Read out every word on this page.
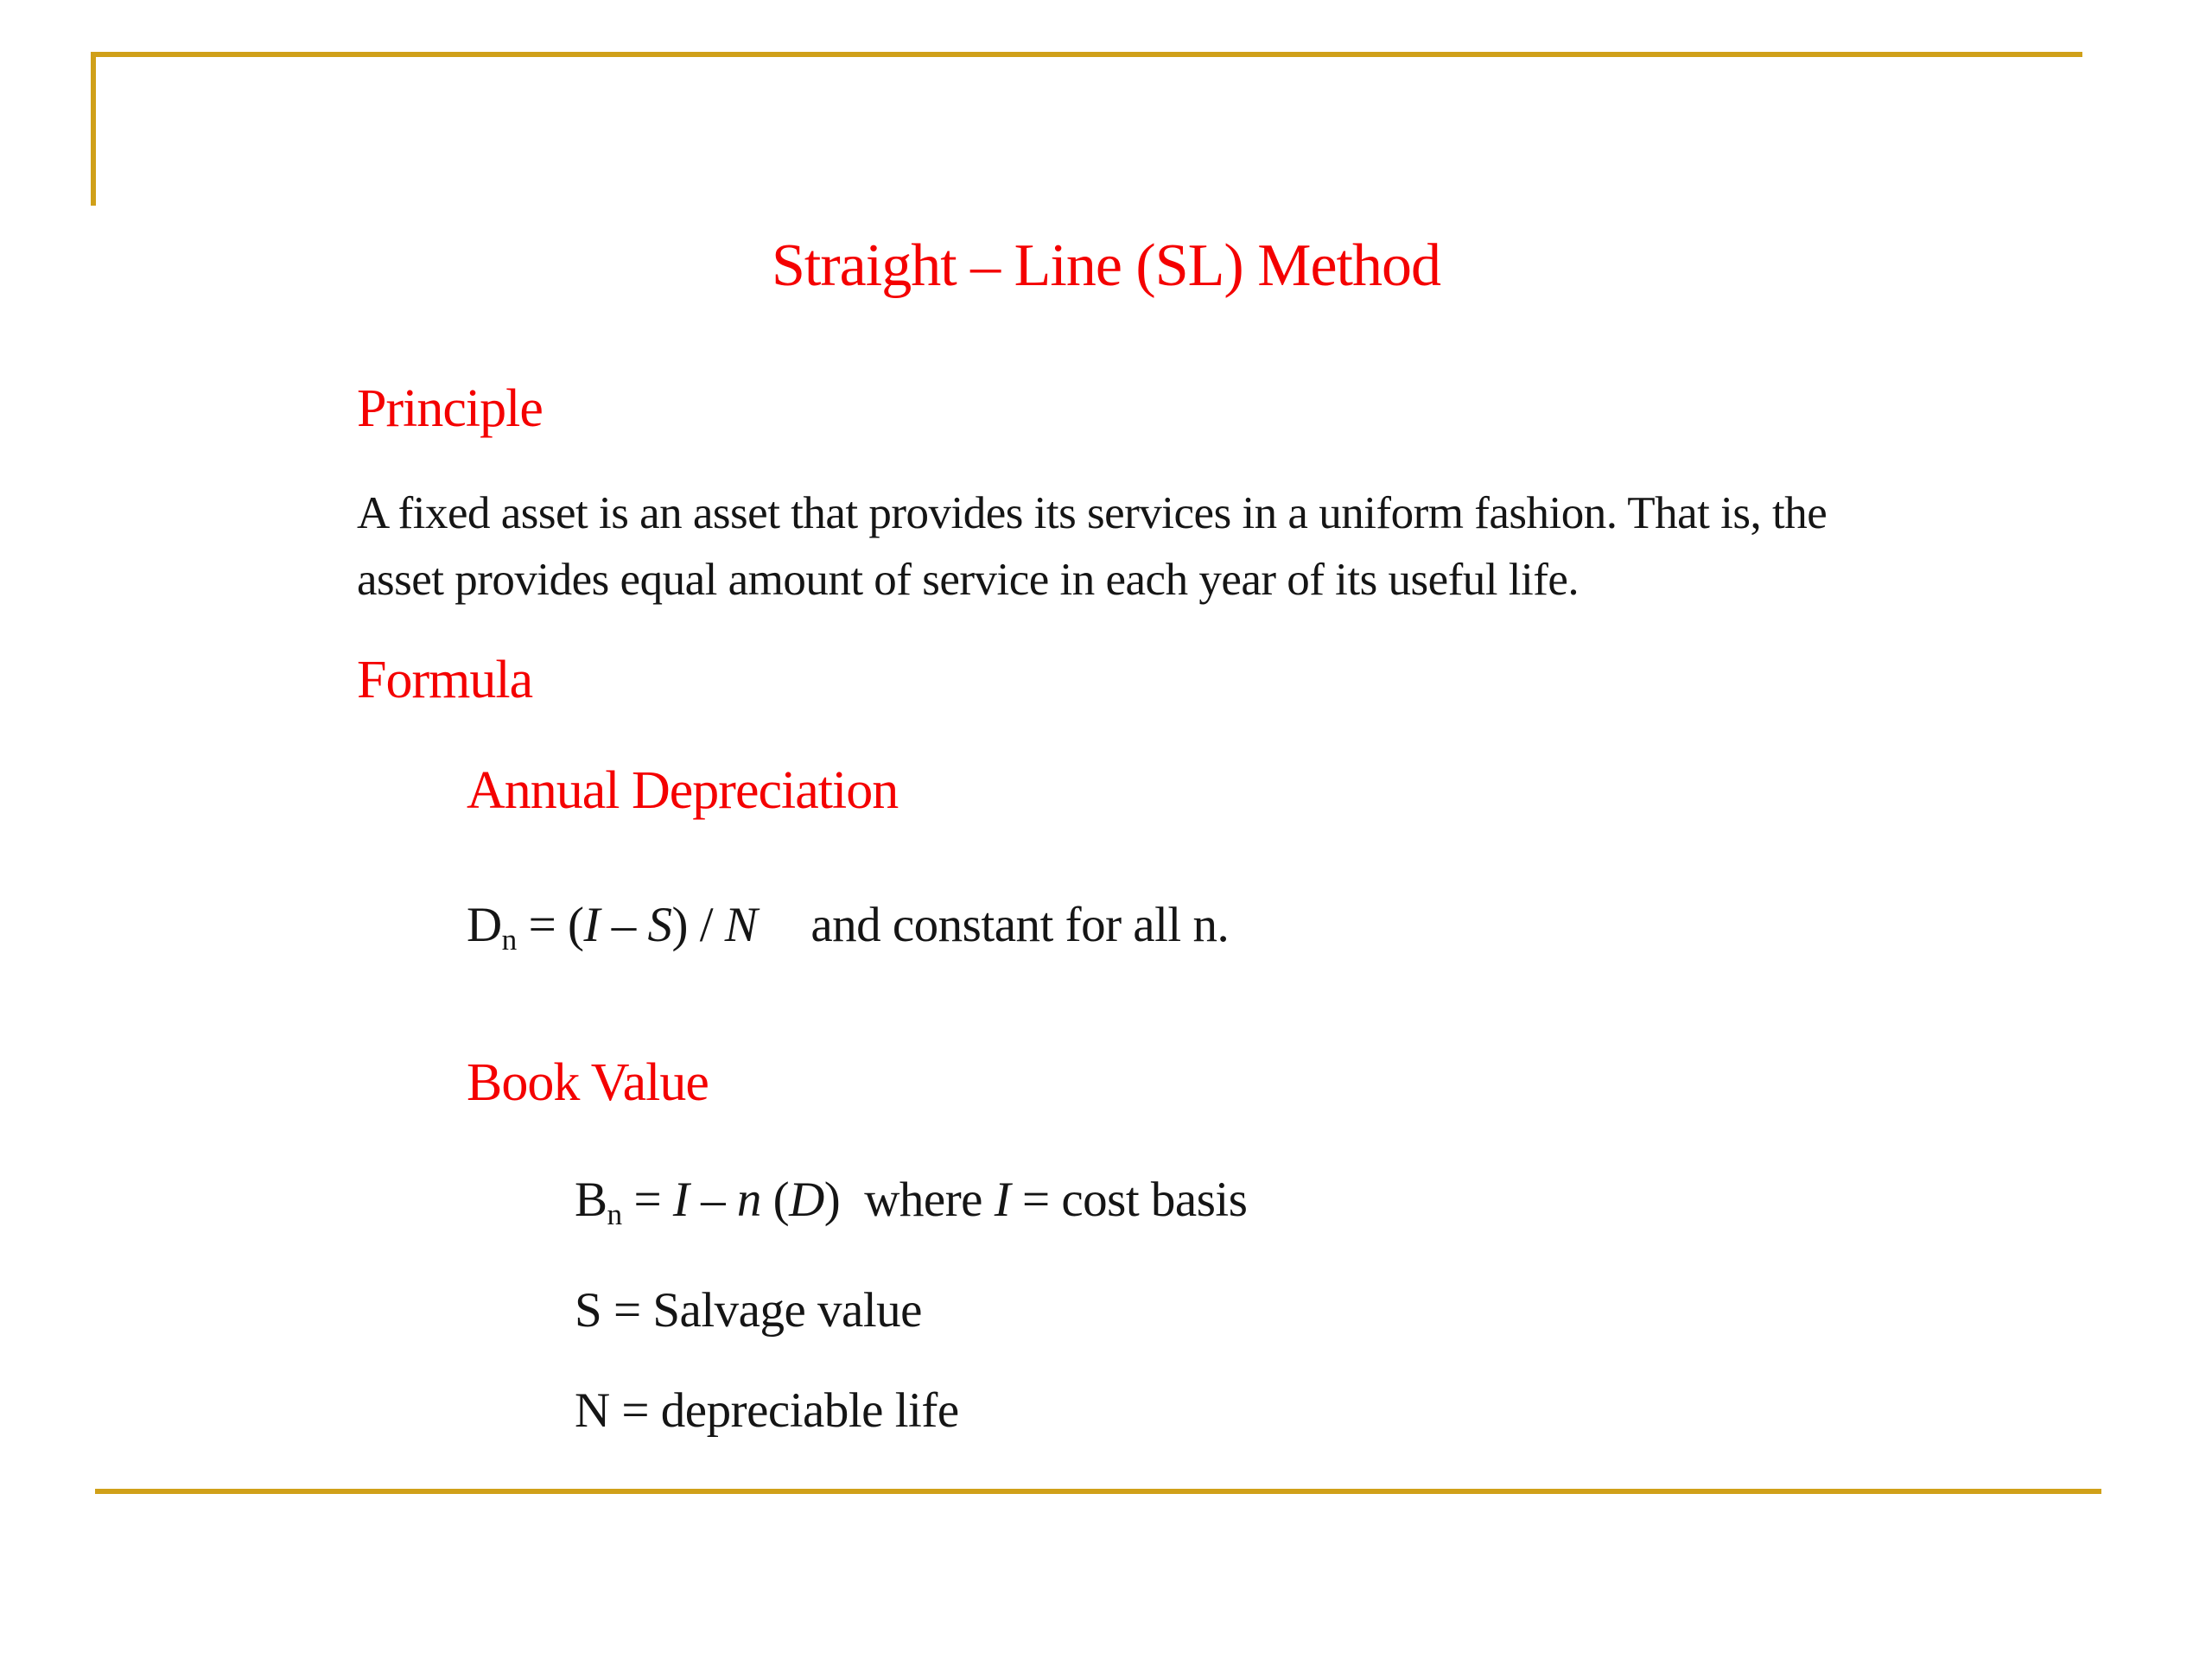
Straight – Line (SL) Method
Principle
A fixed asset is an asset that provides its services in a uniform fashion. That is, the asset provides equal amount of service in each year of its useful life.
Formula
Annual Depreciation
$D_n = (I - S) / N$ and constant for all n.
Book Value
$B_n = I - n$ (D) where I = cost basis
S = Salvage value
N = depreciable life
